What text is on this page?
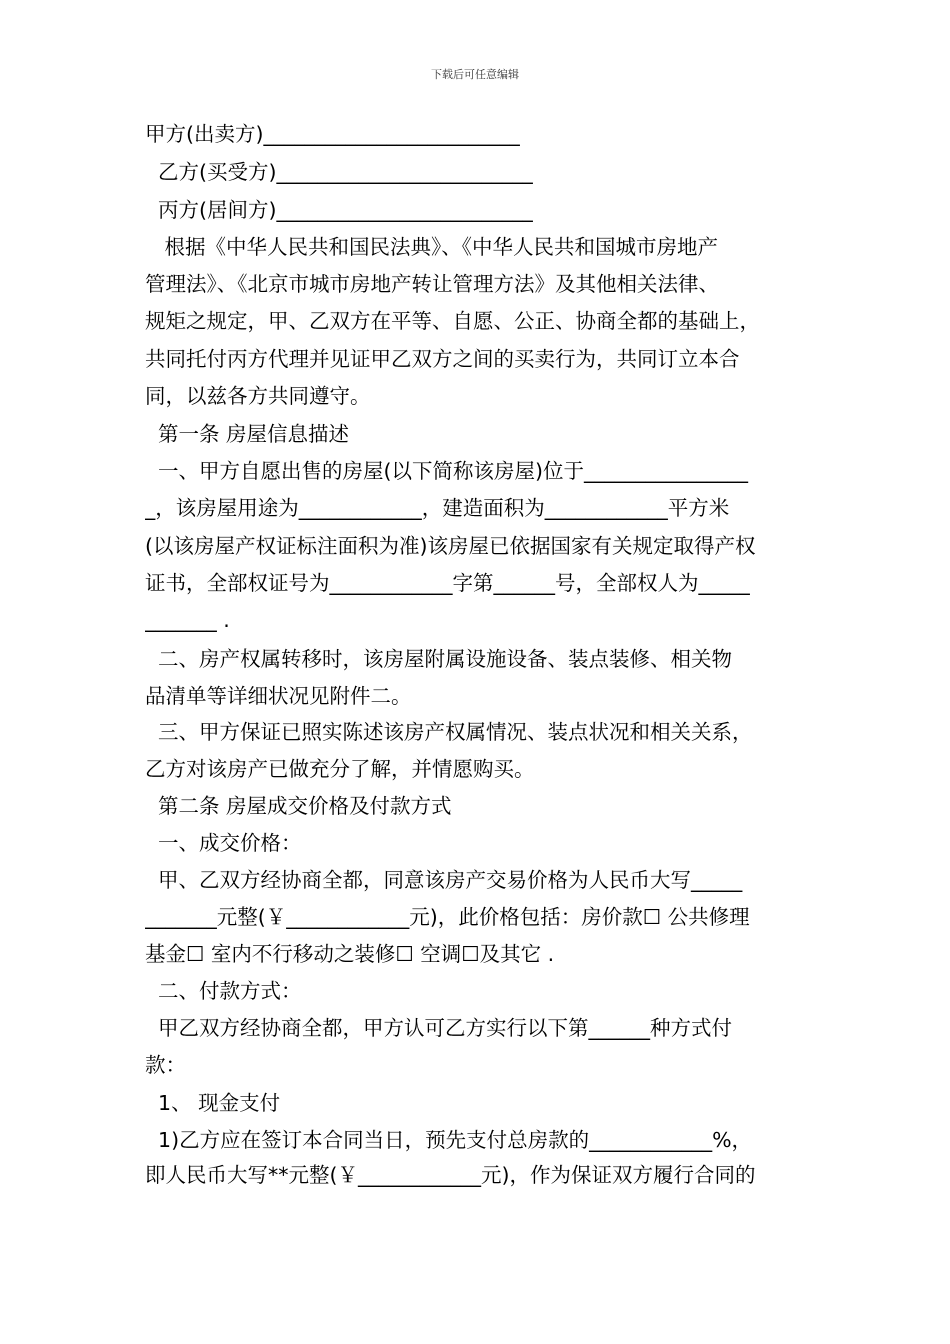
下载后可任意编辑
甲方(出卖方)_________________________
乙方(买受方)_________________________
丙方(居间方)_________________________
根据《中华人民共和国民法典》、《中华人民共和国城市房地产
管理法》、《北京市城市房地产转让管理方法》及其他相关法律、
规矩之规定，甲、乙双方在平等、自愿、公正、协商全都的基础上，
共同托付丙方代理并见证甲乙双方之间的买卖行为，共同订立本合
同，以兹各方共同遵守。
第一条 房屋信息描述
一、甲方自愿出售的房屋(以下简称该房屋)位于________________
_，该房屋用途为____________，建造面积为____________平方米
(以该房屋产权证标注面积为准)该房屋已依据国家有关规定取得产权
证书，全部权证号为____________字第______号，全部权人为_____
_______ .
二、房产权属转移时，该房屋附属设施设备、装点装修、相关物
品清单等详细状况见附件二。
三、甲方保证已照实陈述该房产权属情况、装点状况和相关关系，
乙方对该房产已做充分了解，并情愿购买。
第二条 房屋成交价格及付款方式
一、成交价格：
甲、乙双方经协商全都，同意该房产交易价格为人民币大写_____
_______元整(￥____________元)，此价格包括：房价款☐ 公共修理
基金☐ 室内不行移动之装修☐ 空调☐及其它 .
二、付款方式：
甲乙双方经协商全都，甲方认可乙方实行以下第______种方式付
款：
1、 现金支付
1)乙方应在签订本合同当日，预先支付总房款的____________%，
即人民币大写**元整(￥____________元)，作为保证双方履行合同的
